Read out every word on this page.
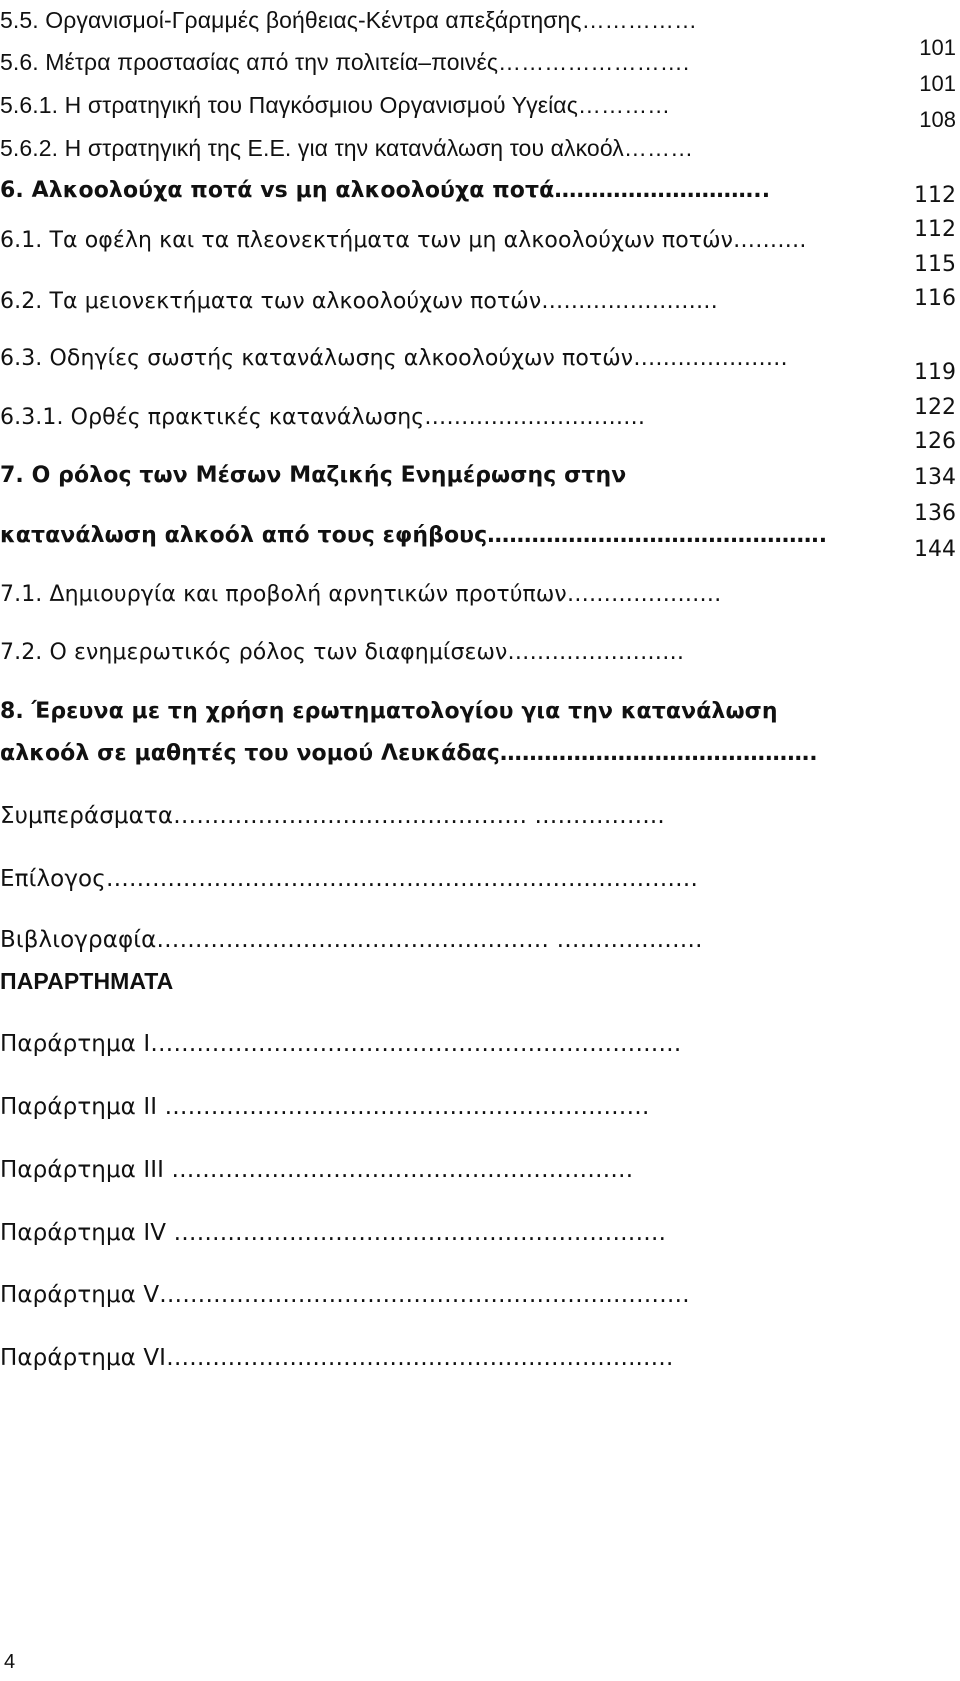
5.5. Οργανισμοί-Γραμμές βοήθειας-Κέντρα απεξάρτησης……………
5.6. Μέτρα προστασίας από την πολιτεία–ποινές…………………….
5.6.1. Η στρατηγική του Παγκόσμιου Οργανισμού Υγείας…………
5.6.2. Η στρατηγική της Ε.Ε. για την κατανάλωση του αλκοόλ………
6. Αλκοολούχα ποτά vs μη αλκοολούχα ποτά………………………..
6.1. Τα οφέλη και τα πλεονεκτήματα των μη αλκοολούχων ποτών……….
6.2. Τα μειονεκτήματα των αλκοολούχων ποτών……………………
6.3. Οδηγίες σωστής κατανάλωσης αλκοολούχων ποτών…………………
6.3.1. Ορθές πρακτικές κατανάλωσης…………………………
7. Ο ρόλος των Μέσων Μαζικής Ενημέρωσης στην
κατανάλωση αλκοόλ από τους εφήβους……………………………………….
7.1. Δημιουργία και προβολή αρνητικών προτύπων…………………
7.2. Ο ενημερωτικός ρόλος των διαφημίσεων……………………
8. Έρευνα με τη χρήση ερωτηματολογίου για την κατανάλωση
αλκοόλ σε μαθητές του νομού Λευκάδας…………………………………….
Συμπεράσματα………………………………………. ……………..
Επίλογος………………………………………………………..…………
Βιβλιογραφία…………………………………………… ……………….
ΠΑΡΑΡΤΗΜΑΤΑ
Παράρτημα Ι……………………………………………………………
Παράρτημα ΙΙ ………………………………………………………
Παράρτημα ΙΙΙ ……………………………………………………
Παράρτημα ΙV ……………………………………………………….
Παράρτημα V…………………………………………………..……….
Παράρτημα VΙ……………………………………………………..….
101
101
108
112
112
115
116
119
122
126
134
136
144
4
